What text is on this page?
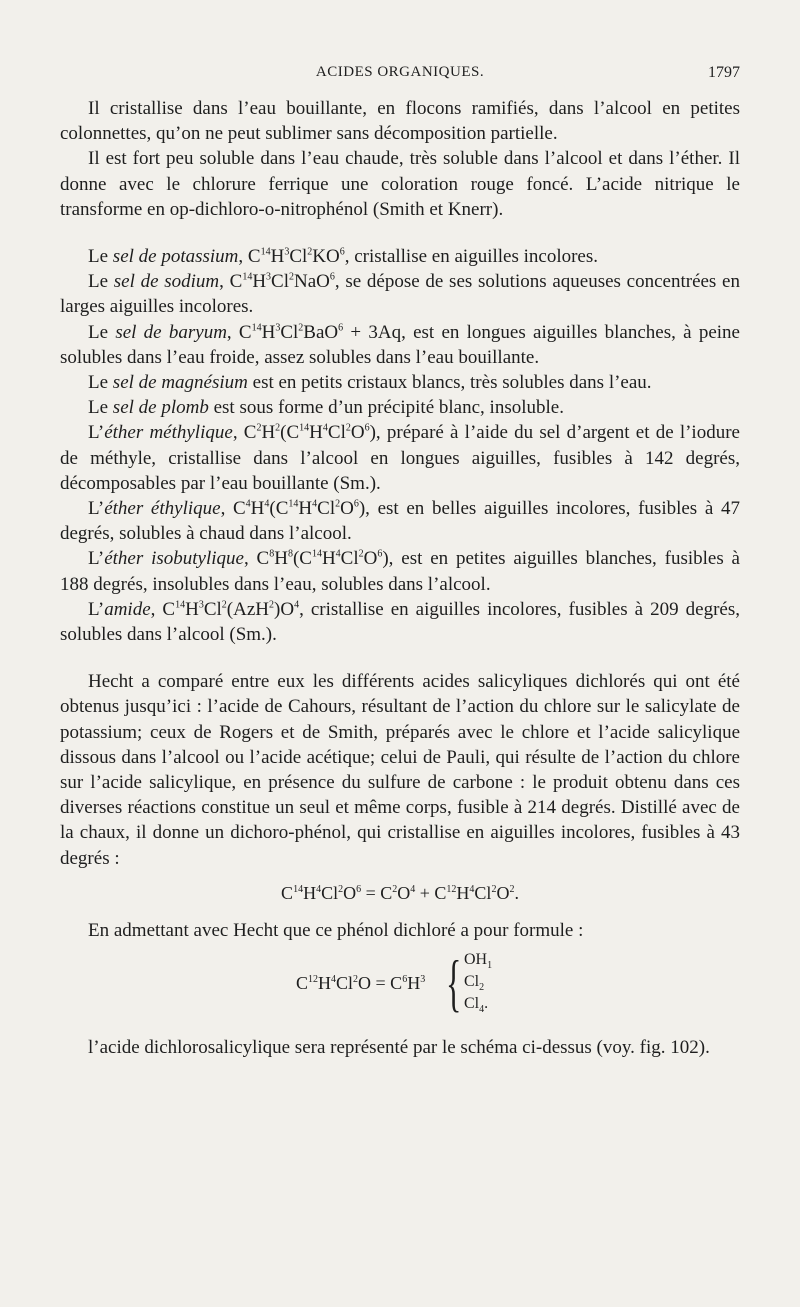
ACIDES ORGANIQUES.	1797

Il cristallise dans l’eau bouillante, en flocons ramifiés, dans l’alcool en petites colonnettes, qu’on ne peut sublimer sans décomposition partielle.

Il est fort peu soluble dans l’eau chaude, très soluble dans l’alcool et dans l’éther. Il donne avec le chlorure ferrique une coloration rouge foncé. L’acide nitrique le transforme en op-dichloro-o-nitrophénol (Smith et Knerr).

Le sel de potassium, $C^{14}H^3Cl^2KO^6$, cristallise en aiguilles incolores.

Le sel de sodium, $C^{14}H^3Cl^2NaO^6$, se dépose de ses solutions aqueuses concentrées en larges aiguilles incolores.

Le sel de baryum, $C^{14}H^3Cl^2BaO^6 + 3Aq$, est en longues aiguilles blanches, à peine solubles dans l’eau froide, assez solubles dans l’eau bouillante.

Le sel de magnésium est en petits cristaux blancs, très solubles dans l’eau.

Le sel de plomb est sous forme d’un précipité blanc, insoluble.

L’éther méthylique, $C^2H^2(C^{14}H^4Cl^2O^6)$, préparé à l’aide du sel d’argent et de l’iodure de méthyle, cristallise dans l’alcool en longues aiguilles, fusibles à 142 degrés, décomposables par l’eau bouillante (Sm.).

L’éther éthylique, $C^4H^4(C^{14}H^4Cl^2O^6)$, est en belles aiguilles incolores, fusibles à 47 degrés, solubles à chaud dans l’alcool.

L’éther isobutylique, $C^8H^8(C^{14}H^4Cl^2O^6)$, est en petites aiguilles blanches, fusibles à 188 degrés, insolubles dans l’eau, solubles dans l’alcool.

L’amide, $C^{14}H^3Cl^2(AzH^2)O^4$, cristallise en aiguilles incolores, fusibles à 209 degrés, solubles dans l’alcool (Sm.).

Hecht a comparé entre eux les différents acides salicyliques dichlorés qui ont été obtenus jusqu’ici : l’acide de Cahours, résultant de l’action du chlore sur le salicylate de potassium; ceux de Rogers et de Smith, préparés avec le chlore et l’acide salicylique dissous dans l’alcool ou l’acide acétique; celui de Pauli, qui résulte de l’action du chlore sur l’acide salicylique, en présence du sulfure de carbone : le produit obtenu dans ces diverses réactions constitue un seul et même corps, fusible à 214 degrés. Distillé avec de la chaux, il donne un dichoro-phénol, qui cristallise en aiguilles incolores, fusibles à 43 degrés :

$C^{14}H^4Cl^2O^6 = C^2O^4 + C^{12}H^4Cl^2O^2$.

En admettant avec Hecht que ce phénol dichloré a pour formule :

$C^{12}H^4Cl^2O = C^6H^3$ { $OH_1$
$Cl_2$
$Cl_4$.

l’acide dichlorosalicylique sera représenté par le schéma ci-dessus (voy. fig. 102).
